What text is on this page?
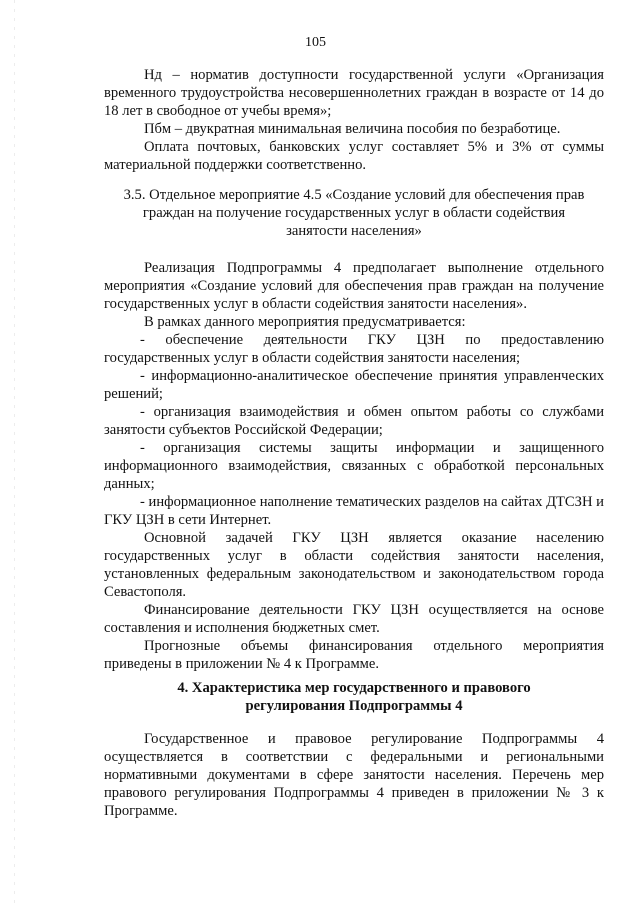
105

Нд – норматив доступности государственной услуги «Организация временного трудоустройства несовершеннолетних граждан в возрасте от 14 до 18 лет в свободное от учебы время»;

Пбм – двукратная минимальная величина пособия по безработице.

Оплата почтовых, банковских услуг составляет 5% и 3% от суммы материальной поддержки соответственно.

3.5. Отдельное мероприятие 4.5 «Создание условий для обеспечения прав
граждан на получение государственных услуг в области содействия
занятости населения»

Реализация Подпрограммы 4 предполагает выполнение отдельного мероприятия «Создание условий для обеспечения прав граждан на получение государственных услуг в области содействия занятости населения».

В рамках данного мероприятия предусматривается:

- обеспечение деятельности ГКУ ЦЗН по предоставлению государственных услуг в области содействия занятости населения;

- информационно-аналитическое обеспечение принятия управленческих решений;

- организация взаимодействия и обмен опытом работы со службами занятости субъектов Российской Федерации;

- организация системы защиты информации и защищенного информационного взаимодействия, связанных с обработкой персональных данных;

- информационное наполнение тематических разделов на сайтах ДТСЗН и ГКУ ЦЗН в сети Интернет.

Основной задачей ГКУ ЦЗН является оказание населению государственных услуг в области содействия занятости населения, установленных федеральным законодательством и законодательством города Севастополя.

Финансирование деятельности ГКУ ЦЗН осуществляется на основе составления и исполнения бюджетных смет.

Прогнозные объемы финансирования отдельного мероприятия приведены в приложении № 4 к Программе.

4. Характеристика мер государственного и правового
регулирования Подпрограммы 4

Государственное и правовое регулирование Подпрограммы 4 осуществляется в соответствии с федеральными и региональными нормативными документами в сфере занятости населения. Перечень мер правового регулирования Подпрограммы 4 приведен в приложении № 3 к Программе.
